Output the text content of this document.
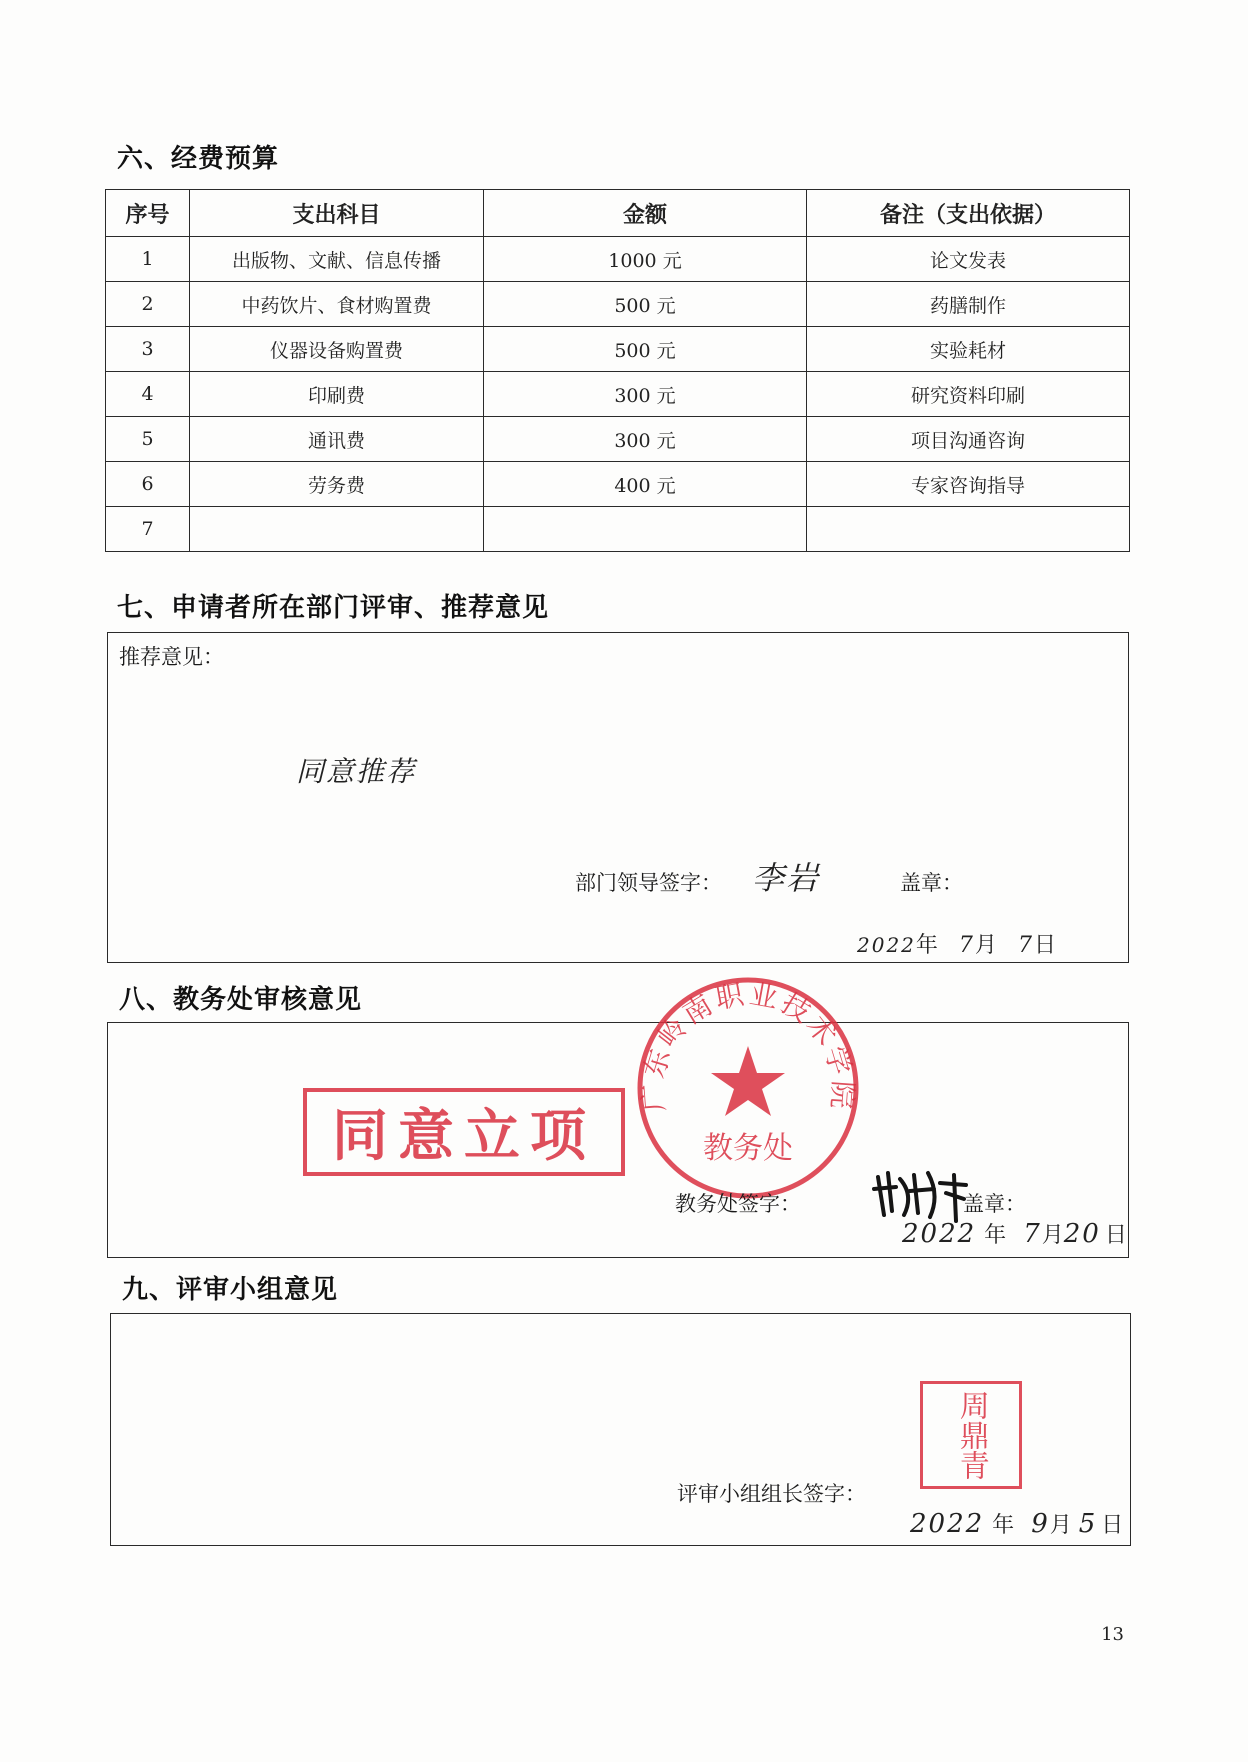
六、经费预算
序号	支出科目	金额	备注（支出依据）
1	出版物、文献、信息传播	1000 元	论文发表
2	中药饮片、食材购置费	500 元	药膳制作
3	仪器设备购置费	500 元	实验耗材
4	印刷费	300 元	研究资料印刷
5	通讯费	300 元	项目沟通咨询
6	劳务费	400 元	专家咨询指导
7			
七、申请者所在部门评审、推荐意见
推荐意见：
同意推荐
部门领导签字： 李岩	盖章：
2022年 7月 7日
八、教务处审核意见
同意立项
广东岭南职业技术学院
教务处
教务处签字：	盖章：
2022 年 7月20 日
九、评审小组意见
周鼎青
评审小组组长签字：
2022 年 9月 5 日
13
